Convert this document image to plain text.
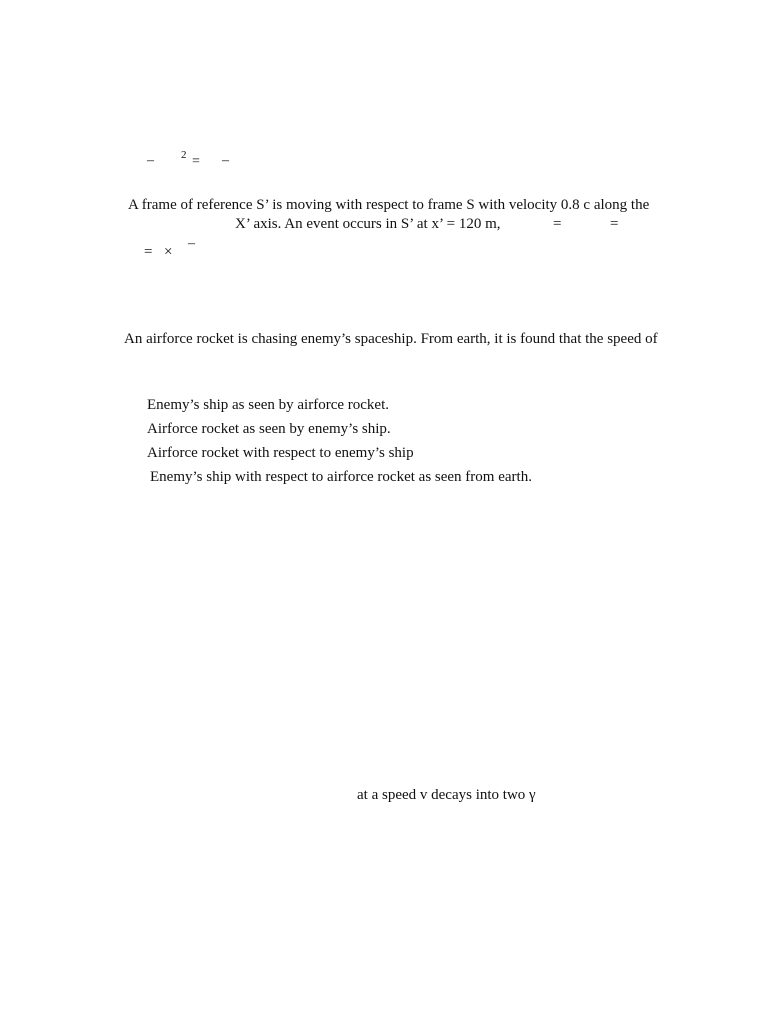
– 2 = –
A frame of reference S’ is moving with respect to frame S with velocity 0.8 c along the
X’ axis. An event occurs in S’ at x’ = 120 m,	=	=
= ×
–
An airforce rocket is chasing enemy’s spaceship. From earth, it is found that the speed of
Enemy’s ship as seen by airforce rocket.
Airforce rocket as seen by enemy’s ship.
Airforce rocket with respect to enemy’s ship
Enemy’s ship with respect to airforce rocket as seen from earth.
at a speed v decays into two γ
